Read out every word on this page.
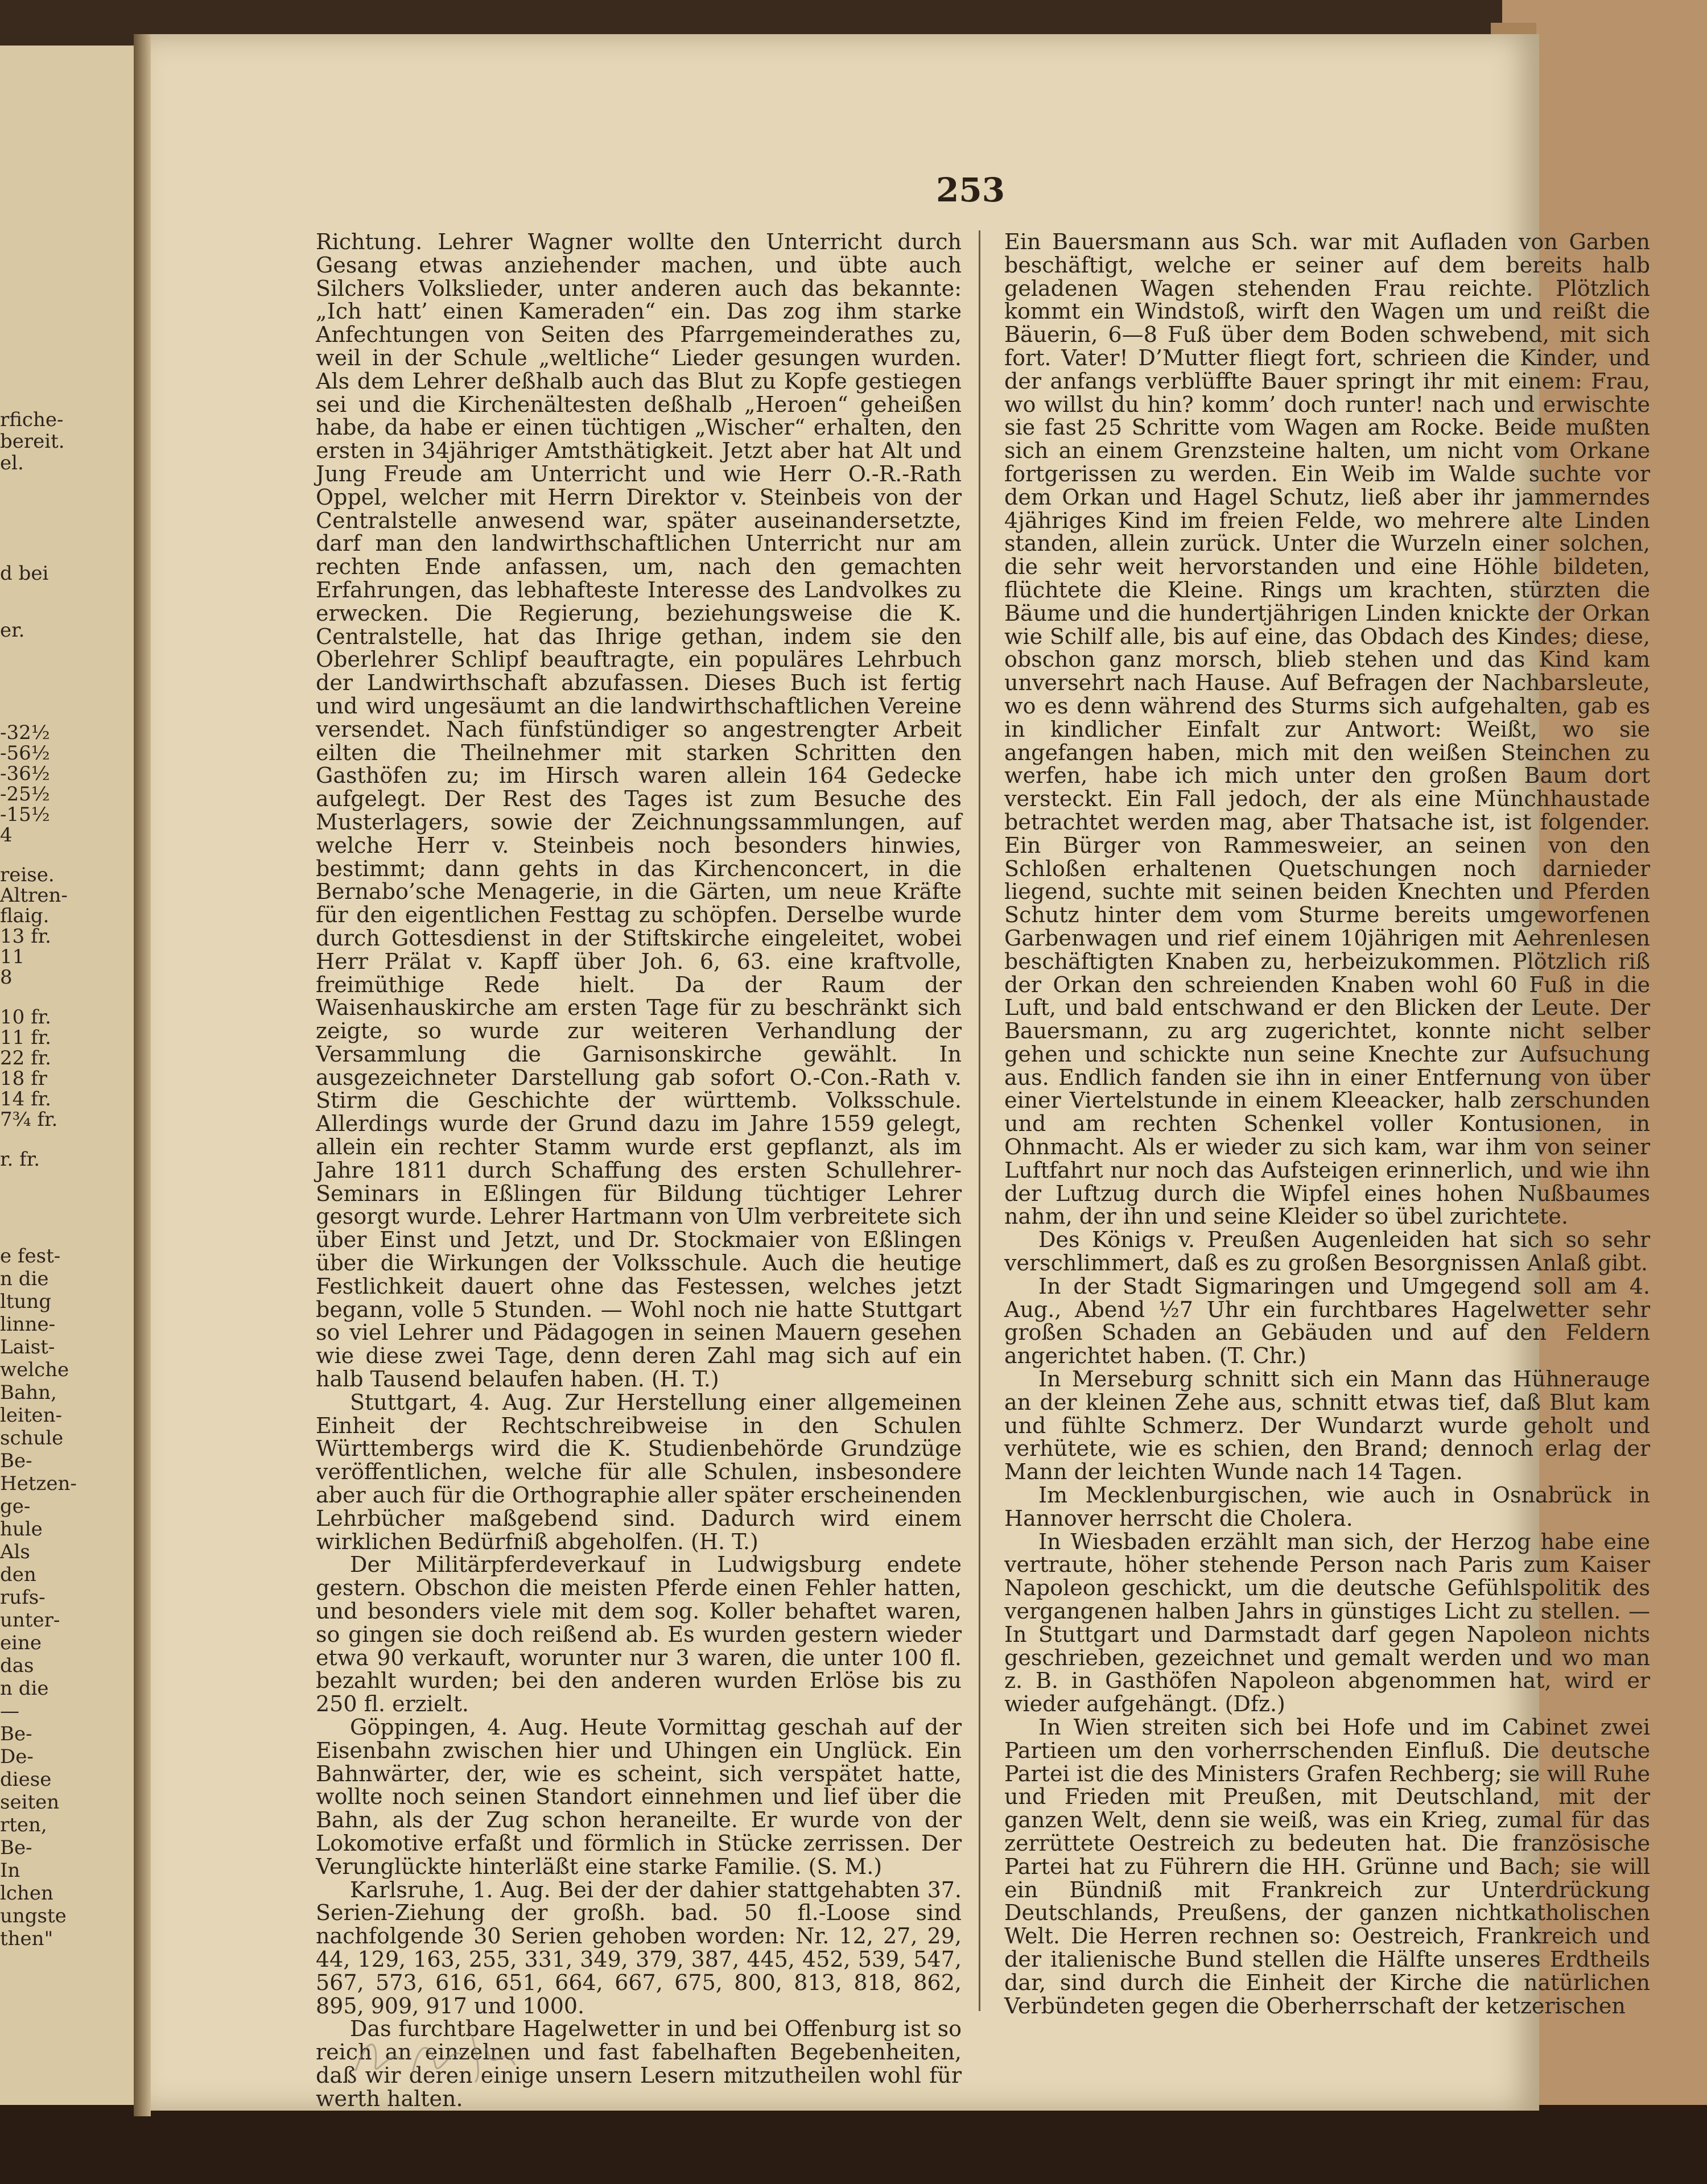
rfiche-
bereit.
el.
d bei
er.
-32½
-56½
-36½
-25½
-15½
4
reise.
Altren-
flaig.
13 fr.
11
8
10 fr.
11 fr.
22 fr.
18 fr
14 fr.
7¾ fr.
r. fr.
e fest-
n die
ltung
linne-
Laist-
welche
Bahn,
leiten-
schule
Be-
Hetzen-
ge-
hule
Als
den
rufs-
unter-
eine
das
n die
—
Be-
De-
diese
seiten
rten,
Be-
In
lchen
ungste
then"
253

Richtung. Lehrer Wagner wollte den Unterricht durch Gesang etwas anziehender machen, und übte auch Silchers Volkslieder, unter anderen auch das bekannte: „Ich hatt’ einen Kameraden“ ein. Das zog ihm starke Anfechtungen von Seiten des Pfarrgemeinderathes zu, weil in der Schule „weltliche“ Lieder gesungen wurden. Als dem Lehrer deßhalb auch das Blut zu Kopfe gestiegen sei und die Kirchenältesten deßhalb „Heroen“ geheißen habe, da habe er einen tüchtigen „Wischer“ erhalten, den ersten in 34jähriger Amtsthätigkeit. Jetzt aber hat Alt und Jung Freude am Unterricht und wie Herr O.-R.-Rath Oppel, welcher mit Herrn Direktor v. Steinbeis von der Centralstelle anwesend war, später auseinandersetzte, darf man den landwirthschaftlichen Unterricht nur am rechten Ende anfassen, um, nach den gemachten Erfahrungen, das lebhafteste Interesse des Landvolkes zu erwecken. Die Regierung, beziehungsweise die K. Centralstelle, hat das Ihrige gethan, indem sie den Oberlehrer Schlipf beauftragte, ein populäres Lehrbuch der Landwirthschaft abzufassen. Dieses Buch ist fertig und wird ungesäumt an die landwirthschaftlichen Vereine versendet. Nach fünfstündiger so angestrengter Arbeit eilten die Theilnehmer mit starken Schritten den Gasthöfen zu; im Hirsch waren allein 164 Gedecke aufgelegt. Der Rest des Tages ist zum Besuche des Musterlagers, sowie der Zeichnungssammlungen, auf welche Herr v. Steinbeis noch besonders hinwies, bestimmt; dann gehts in das Kirchenconcert, in die Bernabo’sche Menagerie, in die Gärten, um neue Kräfte für den eigentlichen Festtag zu schöpfen. Derselbe wurde durch Gottesdienst in der Stiftskirche eingeleitet, wobei Herr Prälat v. Kapff über Joh. 6, 63. eine kraftvolle, freimüthige Rede hielt. Da der Raum der Waisenhauskirche am ersten Tage für zu beschränkt sich zeigte, so wurde zur weiteren Verhandlung der Versammlung die Garnisonskirche gewählt. In ausgezeichneter Darstellung gab sofort O.-Con.-Rath v. Stirm die Geschichte der württemb. Volksschule. Allerdings wurde der Grund dazu im Jahre 1559 gelegt, allein ein rechter Stamm wurde erst gepflanzt, als im Jahre 1811 durch Schaffung des ersten Schullehrer-Seminars in Eßlingen für Bildung tüchtiger Lehrer gesorgt wurde. Lehrer Hartmann von Ulm verbreitete sich über Einst und Jetzt, und Dr. Stockmaier von Eßlingen über die Wirkungen der Volksschule. Auch die heutige Festlichkeit dauert ohne das Festessen, welches jetzt begann, volle 5 Stunden. — Wohl noch nie hatte Stuttgart so viel Lehrer und Pädagogen in seinen Mauern gesehen wie diese zwei Tage, denn deren Zahl mag sich auf ein halb Tausend belaufen haben. (H. T.)

Stuttgart, 4. Aug. Zur Herstellung einer allgemeinen Einheit der Rechtschreibweise in den Schulen Württembergs wird die K. Studienbehörde Grundzüge veröffentlichen, welche für alle Schulen, insbesondere aber auch für die Orthographie aller später erscheinenden Lehrbücher maßgebend sind. Dadurch wird einem wirklichen Bedürfniß abgeholfen. (H. T.)

Der Militärpferdeverkauf in Ludwigsburg endete gestern. Obschon die meisten Pferde einen Fehler hatten, und besonders viele mit dem sog. Koller behaftet waren, so gingen sie doch reißend ab. Es wurden gestern wieder etwa 90 verkauft, worunter nur 3 waren, die unter 100 fl. bezahlt wurden; bei den anderen wurden Erlöse bis zu 250 fl. erzielt.

Göppingen, 4. Aug. Heute Vormittag geschah auf der Eisenbahn zwischen hier und Uhingen ein Unglück. Ein Bahnwärter, der, wie es scheint, sich verspätet hatte, wollte noch seinen Standort einnehmen und lief über die Bahn, als der Zug schon heraneilte. Er wurde von der Lokomotive erfaßt und förmlich in Stücke zerrissen. Der Verunglückte hinterläßt eine starke Familie. (S. M.)

Karlsruhe, 1. Aug. Bei der der dahier stattgehabten 37. Serien-Ziehung der großh. bad. 50 fl.-Loose sind nachfolgende 30 Serien gehoben worden: Nr. 12, 27, 29, 44, 129, 163, 255, 331, 349, 379, 387, 445, 452, 539, 547, 567, 573, 616, 651, 664, 667, 675, 800, 813, 818, 862, 895, 909, 917 und 1000.

Das furchtbare Hagelwetter in und bei Offenburg ist so reich an einzelnen und fast fabelhaften Begebenheiten, daß wir deren einige unsern Lesern mitzutheilen wohl für werth halten.

Ein Bauersmann aus Sch. war mit Aufladen von Garben beschäftigt, welche er seiner auf dem bereits halb geladenen Wagen stehenden Frau reichte. Plötzlich kommt ein Windstoß, wirft den Wagen um und reißt die Bäuerin, 6—8 Fuß über dem Boden schwebend, mit sich fort. Vater! D’Mutter fliegt fort, schrieen die Kinder, und der anfangs verblüffte Bauer springt ihr mit einem: Frau, wo willst du hin? komm’ doch runter! nach und erwischte sie fast 25 Schritte vom Wagen am Rocke. Beide mußten sich an einem Grenzsteine halten, um nicht vom Orkane fortgerissen zu werden. Ein Weib im Walde suchte vor dem Orkan und Hagel Schutz, ließ aber ihr jammerndes 4jähriges Kind im freien Felde, wo mehrere alte Linden standen, allein zurück. Unter die Wurzeln einer solchen, die sehr weit hervorstanden und eine Höhle bildeten, flüchtete die Kleine. Rings um krachten, stürzten die Bäume und die hundertjährigen Linden knickte der Orkan wie Schilf alle, bis auf eine, das Obdach des Kindes; diese, obschon ganz morsch, blieb stehen und das Kind kam unversehrt nach Hause. Auf Befragen der Nachbarsleute, wo es denn während des Sturms sich aufgehalten, gab es in kindlicher Einfalt zur Antwort: Weißt, wo sie angefangen haben, mich mit den weißen Steinchen zu werfen, habe ich mich unter den großen Baum dort versteckt. Ein Fall jedoch, der als eine Münchhaustade betrachtet werden mag, aber Thatsache ist, ist folgender. Ein Bürger von Rammesweier, an seinen von den Schloßen erhaltenen Quetschungen noch darnieder liegend, suchte mit seinen beiden Knechten und Pferden Schutz hinter dem vom Sturme bereits umgeworfenen Garbenwagen und rief einem 10jährigen mit Aehrenlesen beschäftigten Knaben zu, herbeizukommen. Plötzlich riß der Orkan den schreienden Knaben wohl 60 Fuß in die Luft, und bald entschwand er den Blicken der Leute. Der Bauersmann, zu arg zugerichtet, konnte nicht selber gehen und schickte nun seine Knechte zur Aufsuchung aus. Endlich fanden sie ihn in einer Entfernung von über einer Viertelstunde in einem Kleeacker, halb zerschunden und am rechten Schenkel voller Kontusionen, in Ohnmacht. Als er wieder zu sich kam, war ihm von seiner Luftfahrt nur noch das Aufsteigen erinnerlich, und wie ihn der Luftzug durch die Wipfel eines hohen Nußbaumes nahm, der ihn und seine Kleider so übel zurichtete.

Des Königs v. Preußen Augenleiden hat sich so sehr verschlimmert, daß es zu großen Besorgnissen Anlaß gibt.

In der Stadt Sigmaringen und Umgegend soll am 4. Aug., Abend ½7 Uhr ein furchtbares Hagelwetter sehr großen Schaden an Gebäuden und auf den Feldern angerichtet haben. (T. Chr.)

In Merseburg schnitt sich ein Mann das Hühnerauge an der kleinen Zehe aus, schnitt etwas tief, daß Blut kam und fühlte Schmerz. Der Wundarzt wurde geholt und verhütete, wie es schien, den Brand; dennoch erlag der Mann der leichten Wunde nach 14 Tagen.

Im Mecklenburgischen, wie auch in Osnabrück in Hannover herrscht die Cholera.

In Wiesbaden erzählt man sich, der Herzog habe eine vertraute, höher stehende Person nach Paris zum Kaiser Napoleon geschickt, um die deutsche Gefühlspolitik des vergangenen halben Jahrs in günstiges Licht zu stellen. — In Stuttgart und Darmstadt darf gegen Napoleon nichts geschrieben, gezeichnet und gemalt werden und wo man z. B. in Gasthöfen Napoleon abgenommen hat, wird er wieder aufgehängt. (Dfz.)

In Wien streiten sich bei Hofe und im Cabinet zwei Partieen um den vorherrschenden Einfluß. Die deutsche Partei ist die des Ministers Grafen Rechberg; sie will Ruhe und Frieden mit Preußen, mit Deutschland, mit der ganzen Welt, denn sie weiß, was ein Krieg, zumal für das zerrüttete Oestreich zu bedeuten hat. Die französische Partei hat zu Führern die HH. Grünne und Bach; sie will ein Bündniß mit Frankreich zur Unterdrückung Deutschlands, Preußens, der ganzen nichtkatholischen Welt. Die Herren rechnen so: Oestreich, Frankreich und der italienische Bund stellen die Hälfte unseres Erdtheils dar, sind durch die Einheit der Kirche die natürlichen Verbündeten gegen die Oberherrschaft der ketzerischen
